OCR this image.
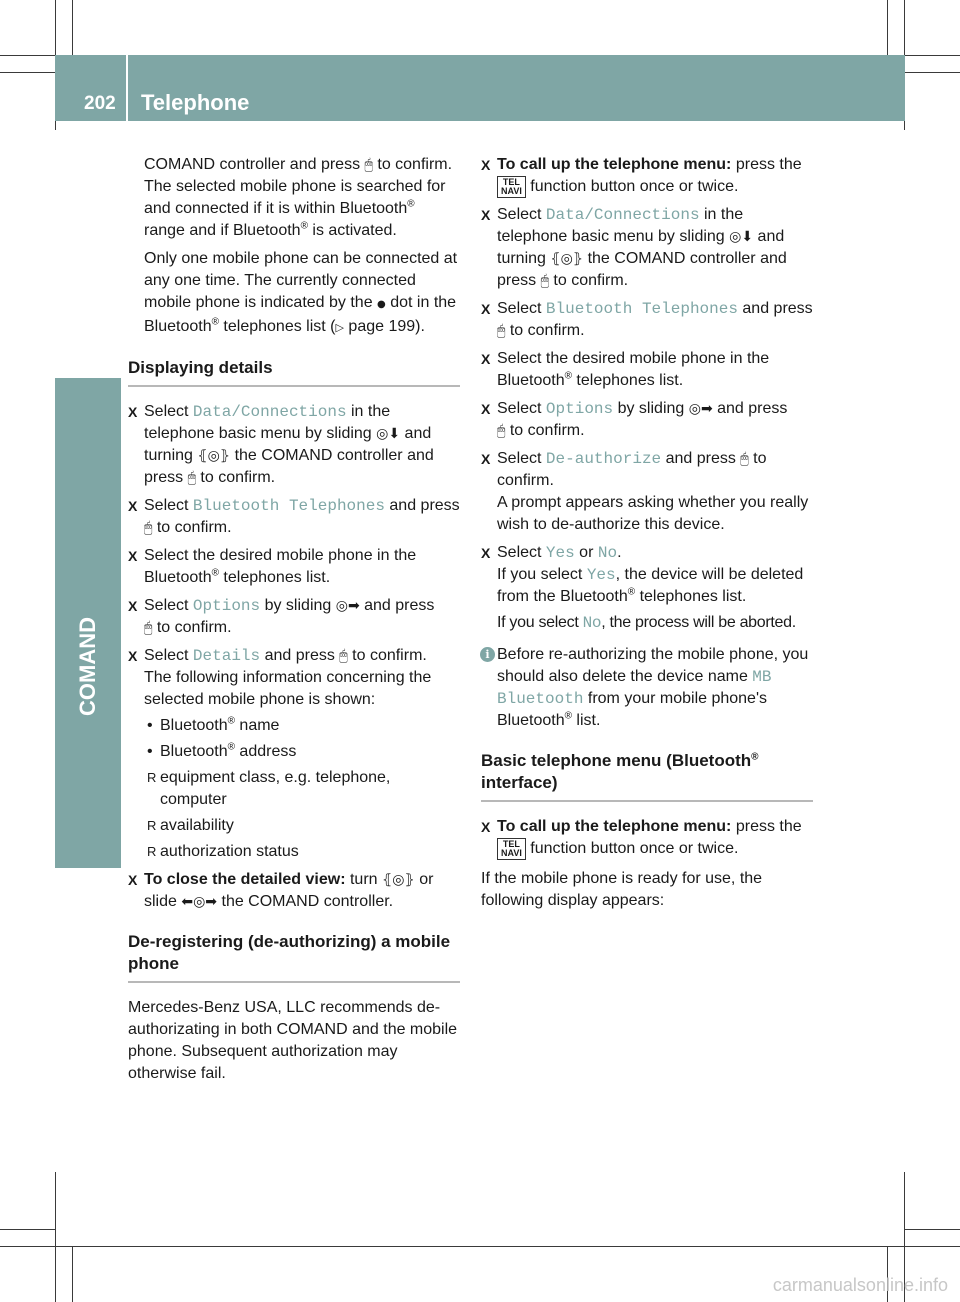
202 Telephone
COMAND

COMAND controller and press 🖱 to confirm.

The selected mobile phone is searched for and connected if it is within Bluetooth® range and if Bluetooth® is activated.

Only one mobile phone can be connected at any one time. The currently connected mobile phone is indicated by the ● dot in the Bluetooth® telephones list (▷ page 199).

Displaying details
X Select Data/Connections in the telephone basic menu by sliding ◎⬇ and turning ⦃◎⦄ the COMAND controller and press 🖱 to confirm.
X Select Bluetooth Telephones and press
🖱 to confirm.
X Select the desired mobile phone in the Bluetooth® telephones list.
X Select Options by sliding ◎➡ and press
🖱 to confirm.
X Select Details and press 🖱 to confirm.
The following information concerning the selected mobile phone is shown:
• Bluetooth® name
• Bluetooth® address
R equipment class, e.g. telephone, computer
R availability
R authorization status
X To close the detailed view: turn ⦃◎⦄ or slide ⬅◎➡ the COMAND controller.
De-registering (de-authorizing) a mobile phone

Mercedes-Benz USA, LLC recommends de-authorizating in both COMAND and the mobile phone. Subsequent authorization may otherwise fail.

X To call up the telephone menu: press the
TEL
NAVI function button once or twice.
X Select Data/Connections in the telephone basic menu by sliding ◎⬇ and turning ⦃◎⦄ the COMAND controller and press 🖱 to confirm.
X Select Bluetooth Telephones and press
🖱 to confirm.
X Select the desired mobile phone in the Bluetooth® telephones list.
X Select Options by sliding ◎➡ and press
🖱 to confirm.
X Select De-authorize and press 🖱 to confirm.
A prompt appears asking whether you really wish to de-authorize this device.
X Select Yes or No.
If you select Yes, the device will be deleted from the Bluetooth® telephones list.
If you select No, the process will be aborted.
i Before re-authorizing the mobile phone, you should also delete the device name MB Bluetooth from your mobile phone's Bluetooth® list.
Basic telephone menu (Bluetooth®
interface)
X To call up the telephone menu: press the
TEL
NAVI function button once or twice.

If the mobile phone is ready for use, the following display appears:

carmanualsonline.info
